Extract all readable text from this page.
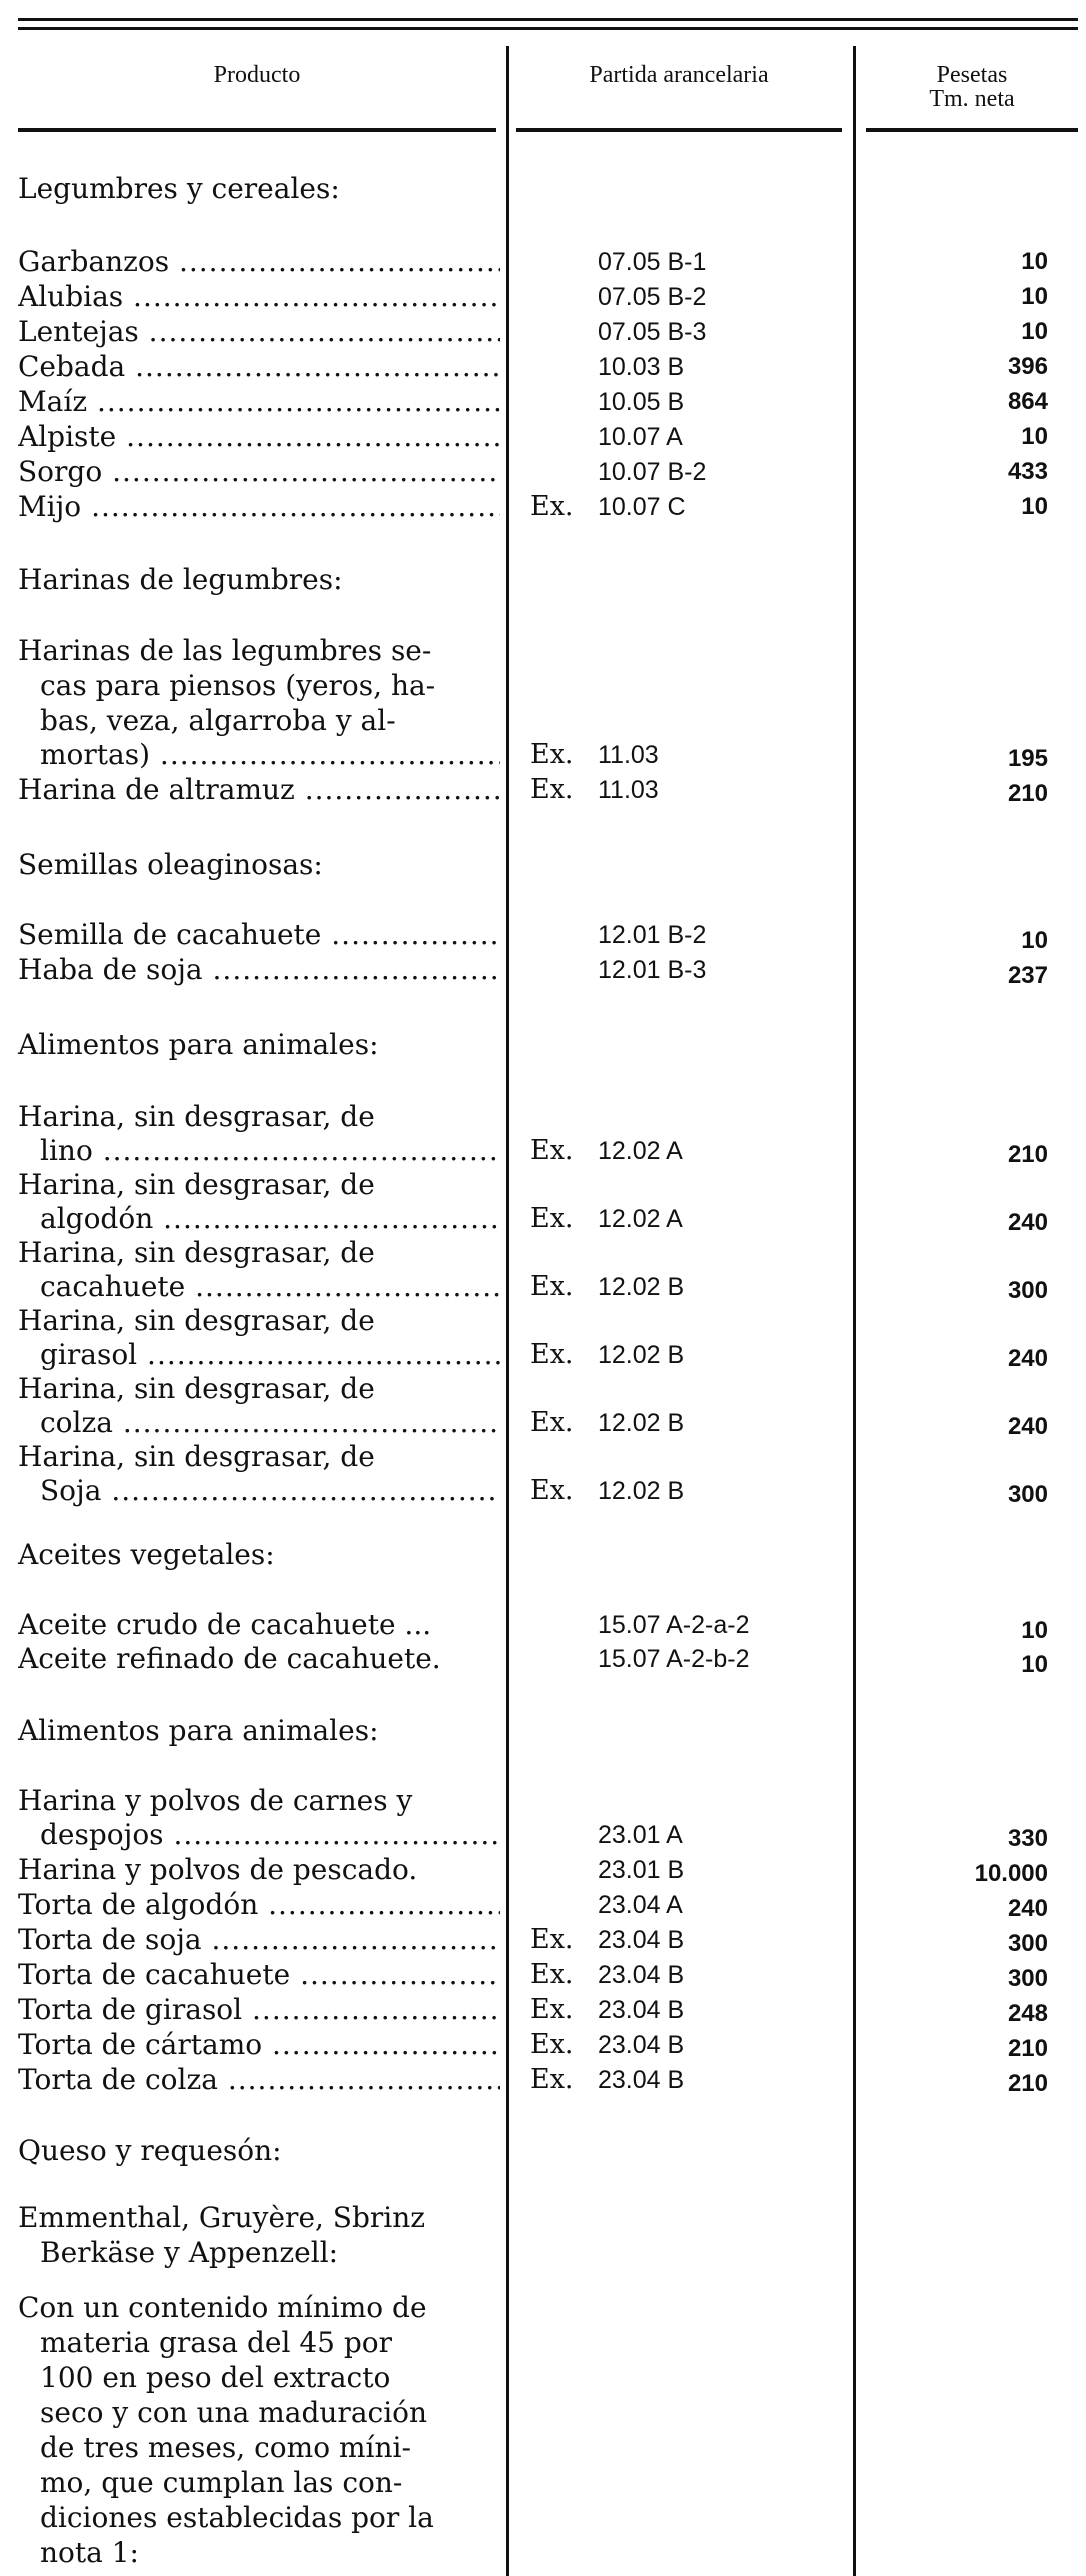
Producto	Partida arancelaria	Pesetas
Tm. neta
Legumbres y cereales:
Garbanzos .....	07.05 B-1	10
Alubias .....	07.05 B-2	10
Lentejas .....	07.05 B-3	10
Cebada .....	10.03 B	396
Maíz .....	10.05 B	864
Alpiste .....	10.07 A	10
Sorgo .....	10.07 B-2	433
Mijo .....	Ex. 10.07 C	10
Harinas de legumbres:
Harinas de las legumbres se-
cas para piensos (yeros, ha-
bas, veza, algarroba y al-
mortas) .....	Ex. 11.03	195
Harina de altramuz .....	Ex. 11.03	210
Semillas oleaginosas:
Semilla de cacahuete .....	12.01 B-2	10
Haba de soja .....	12.01 B-3	237
Alimentos para animales:
Harina, sin desgrasar, de
lino .....	Ex. 12.02 A	210
Harina, sin desgrasar, de
algodón .....	Ex. 12.02 A	240
Harina, sin desgrasar, de
cacahuete .....	Ex. 12.02 B	300
Harina, sin desgrasar, de
girasol .....	Ex. 12.02 B	240
Harina, sin desgrasar, de
colza .....	Ex. 12.02 B	240
Harina, sin desgrasar, de
Soja .....	Ex. 12.02 B	300
Aceites vegetales:
Aceite crudo de cacahuete ...	15.07 A-2-a-2	10
Aceite refinado de cacahuete.	15.07 A-2-b-2	10
Alimentos para animales:
Harina y polvos de carnes y
despojos .....	23.01 A	330
Harina y polvos de pescado.	23.01 B	10.000
Torta de algodón .....	23.04 A	240
Torta de soja .....	Ex. 23.04 B	300
Torta de cacahuete .....	Ex. 23.04 B	300
Torta de girasol .....	Ex. 23.04 B	248
Torta de cártamo .....	Ex. 23.04 B	210
Torta de colza .....	Ex. 23.04 B	210
Queso y requesón:
Emmenthal, Gruyère, Sbrinz
Berkäse y Appenzell:
Con un contenido mínimo de
materia grasa del 45 por
100 en peso del extracto
seco y con una maduración
de tres meses, como míni-
mo, que cumplan las con-
diciones establecidas por la
nota 1:
